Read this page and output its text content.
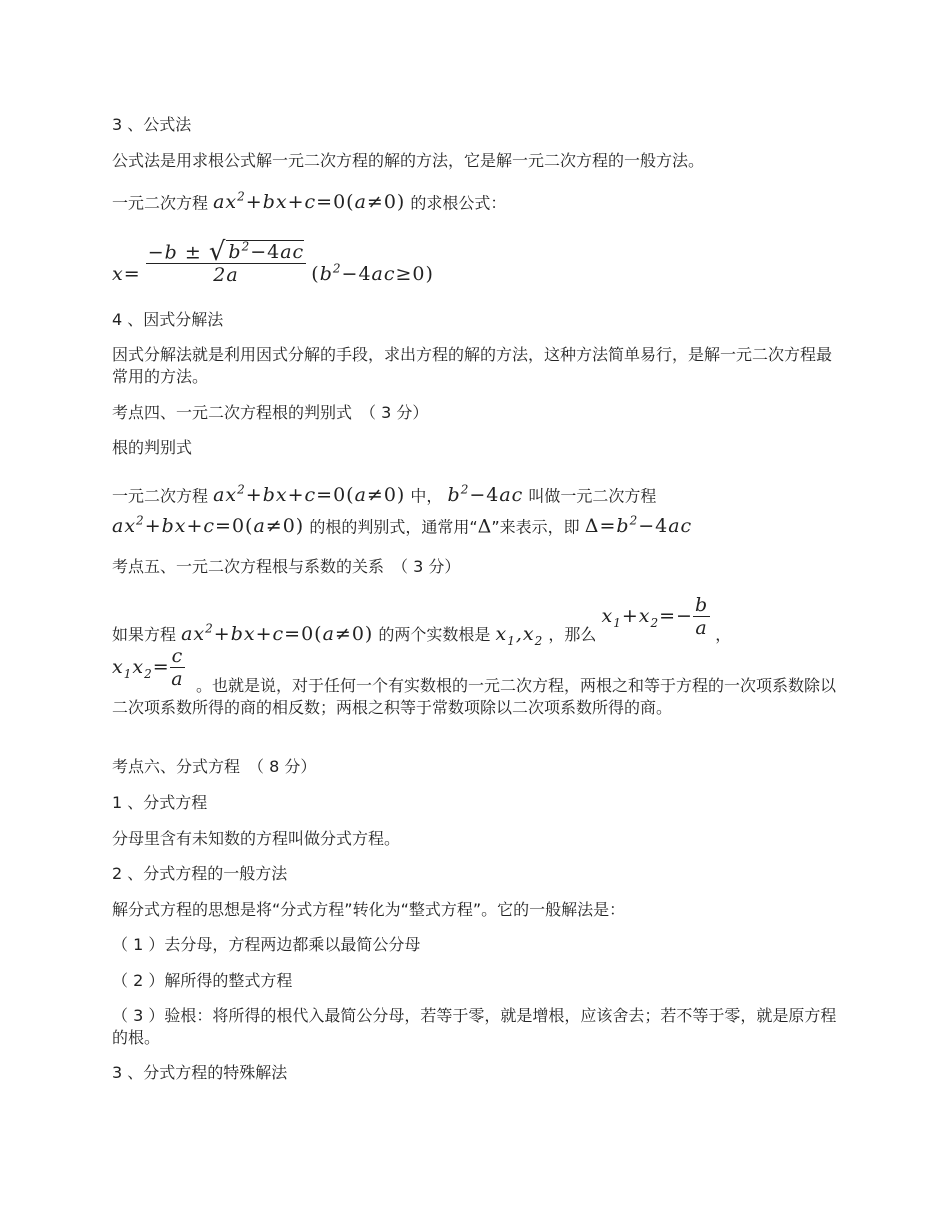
3 、公式法
公式法是用求根公式解一元二次方程的解的方法，它是解一元二次方程的一般方法。
一元二次方程 $ax^2+bx+c=0(a\ne 0)$ 的求根公式：
$x= \frac{-b \pm √ b^2-4ac}{2a} (b^2-4ac\ge 0)$
4 、因式分解法
因式分解法就是利用因式分解的手段，求出方程的解的方法，这种方法简单易行，是解一元二次方程最常用的方法。
考点四、一元二次方程根的判别式　（ 3 分）
根的判别式
一元二次方程 $ax^2+bx+c=0(a\ne 0)$ 中， $b^2-4ac$ 叫做一元二次方程
$ax^2+bx+c=0(a\ne 0)$ 的根的判别式，通常用“Δ”来表示，即 $\Delta=b^2-4ac$
考点五、一元二次方程根与系数的关系　（ 3 分）
如果方程 $ax^2+bx+c=0(a\ne 0)$ 的两个实数根是 $x_1,x_2$ ，那么 $x_1+x_2=- \frac{b}{a}$ ，
$x_1x_2= \frac{c}{a}$ 。也就是说，对于任何一个有实数根的一元二次方程，两根之和等于方程的一次项系数除以二次项系数所得的商的相反数；两根之积等于常数项除以二次项系数所得的商。
考点六、分式方程　（ 8 分）
1 、分式方程
分母里含有未知数的方程叫做分式方程。
2 、分式方程的一般方法
解分式方程的思想是将“分式方程”转化为“整式方程”。它的一般解法是：
（ 1 ）去分母，方程两边都乘以最简公分母
（ 2 ）解所得的整式方程
（ 3 ）验根：将所得的根代入最简公分母，若等于零，就是增根，应该舍去；若不等于零，就是原方程的根。
3 、分式方程的特殊解法
